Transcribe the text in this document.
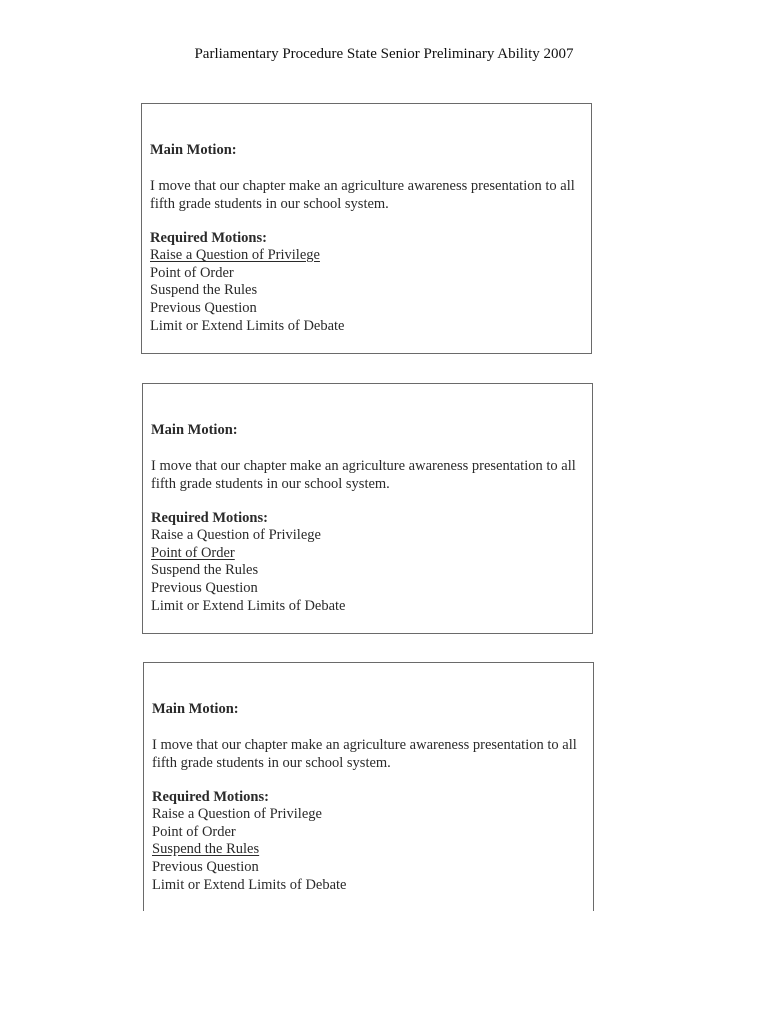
Parliamentary Procedure State Senior Preliminary Ability 2007
Main Motion:
I move that our chapter make an agriculture awareness presentation to all fifth grade students in our school system.
Required Motions:
Raise a Question of Privilege
Point of Order
Suspend the Rules
Previous Question
Limit or Extend Limits of Debate
Main Motion:
I move that our chapter make an agriculture awareness presentation to all fifth grade students in our school system.
Required Motions:
Raise a Question of Privilege
Point of Order
Suspend the Rules
Previous Question
Limit or Extend Limits of Debate
Main Motion:
I move that our chapter make an agriculture awareness presentation to all fifth grade students in our school system.
Required Motions:
Raise a Question of Privilege
Point of Order
Suspend the Rules
Previous Question
Limit or Extend Limits of Debate
